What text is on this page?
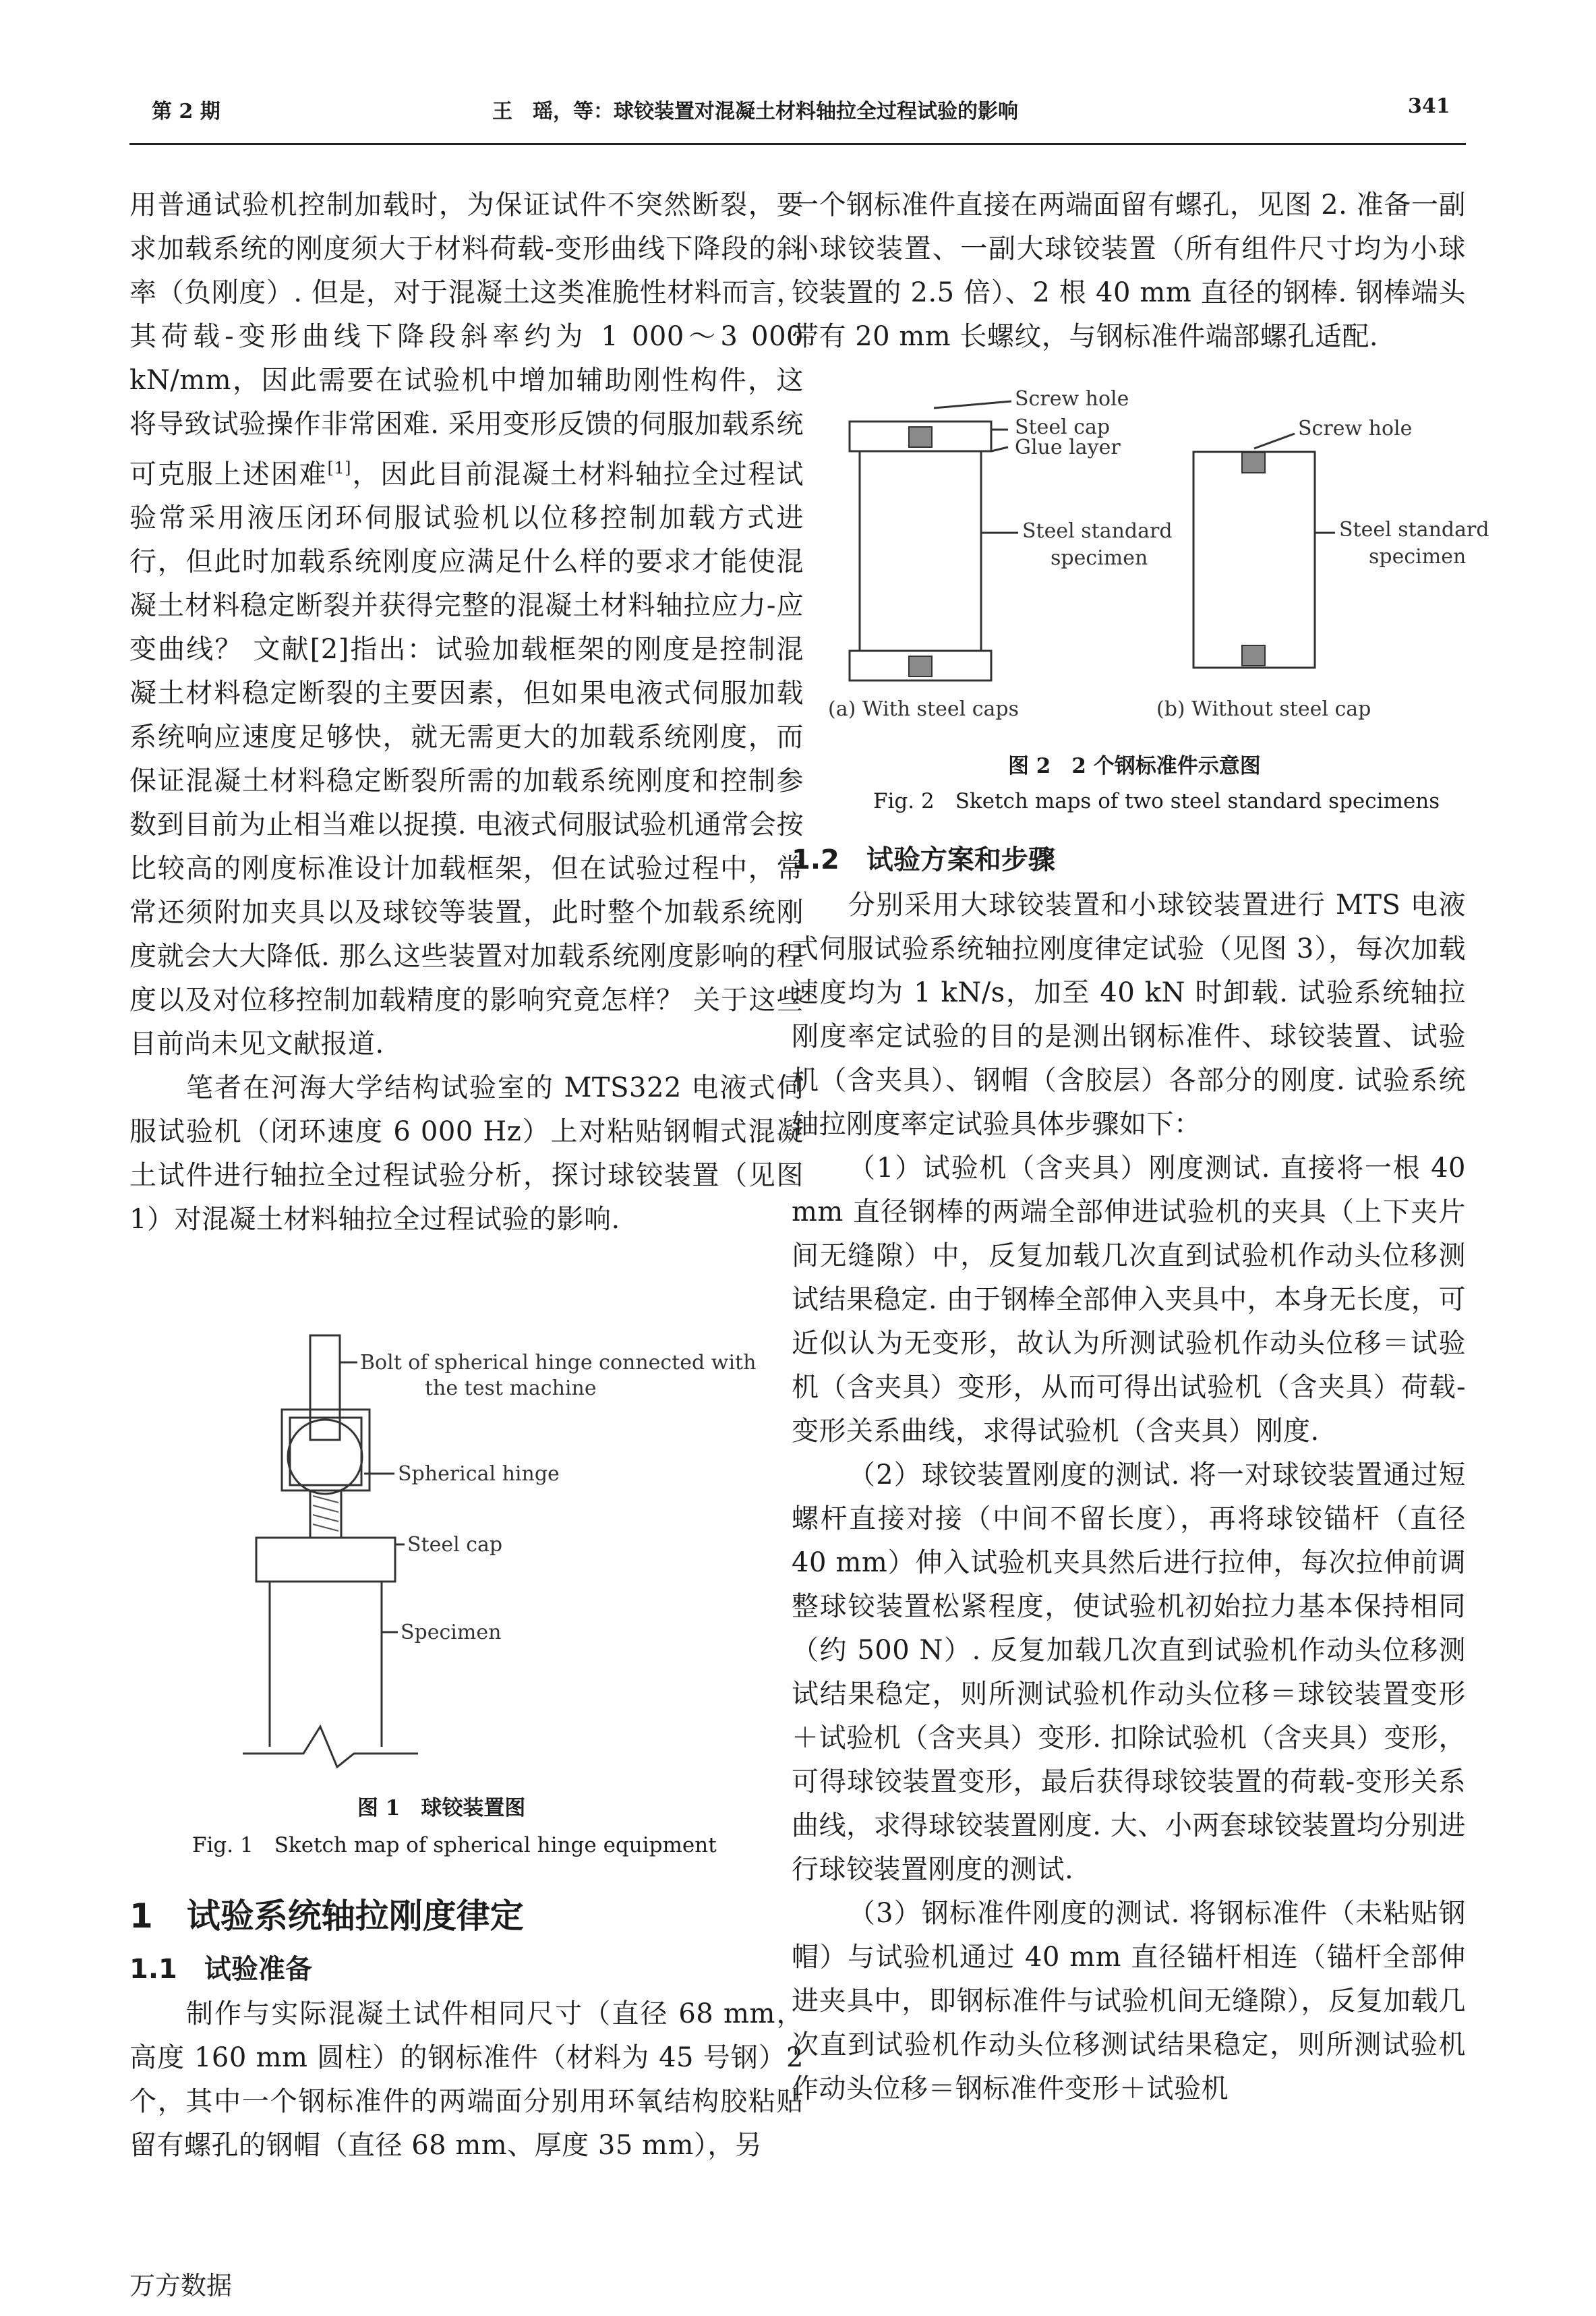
第 2 期	王　瑶，等：球铰装置对混凝土材料轴拉全过程试验的影响	341

用普通试验机控制加载时，为保证试件不突然断裂，要求加载系统的刚度须大于材料荷载-变形曲线下降段的斜率（负刚度）. 但是，对于混凝土这类准脆性材料而言，其荷载-变形曲线下降段斜率约为 1 000～3 000 kN/mm，因此需要在试验机中增加辅助刚性构件，这将导致试验操作非常困难. 采用变形反馈的伺服加载系统可克服上述困难[1]，因此目前混凝土材料轴拉全过程试验常采用液压闭环伺服试验机以位移控制加载方式进行，但此时加载系统刚度应满足什么样的要求才能使混凝土材料稳定断裂并获得完整的混凝土材料轴拉应力-应变曲线？ 文献[2]指出：试验加载框架的刚度是控制混凝土材料稳定断裂的主要因素，但如果电液式伺服加载系统响应速度足够快，就无需更大的加载系统刚度，而保证混凝土材料稳定断裂所需的加载系统刚度和控制参数到目前为止相当难以捉摸. 电液式伺服试验机通常会按比较高的刚度标准设计加载框架，但在试验过程中，常常还须附加夹具以及球铰等装置，此时整个加载系统刚度就会大大降低. 那么这些装置对加载系统刚度影响的程度以及对位移控制加载精度的影响究竟怎样？ 关于这些目前尚未见文献报道.

笔者在河海大学结构试验室的 MTS322 电液式伺服试验机（闭环速度 6 000 Hz）上对粘贴钢帽式混凝土试件进行轴拉全过程试验分析，探讨球铰装置（见图 1）对混凝土材料轴拉全过程试验的影响.

Bolt of spherical hinge connected with
the test machine
Spherical hinge
Steel cap
Specimen
图 1　球铰装置图
Fig. 1　Sketch map of spherical hinge equipment

1　试验系统轴拉刚度律定

1.1　试验准备

制作与实际混凝土试件相同尺寸（直径 68 mm，高度 160 mm 圆柱）的钢标准件（材料为 45 号钢）2 个，其中一个钢标准件的两端面分别用环氧结构胶粘贴留有螺孔的钢帽（直径 68 mm、厚度 35 mm），另

一个钢标准件直接在两端面留有螺孔，见图 2. 准备一副小球铰装置、一副大球铰装置（所有组件尺寸均为小球铰装置的 2.5 倍）、2 根 40 mm 直径的钢棒. 钢棒端头带有 20 mm 长螺纹，与钢标准件端部螺孔适配.

Screw hole
Steel cap
Glue layer
Steel standard
specimen
Screw hole
Steel standard
specimen
(a) With steel caps	(b) Without steel cap
图 2　2 个钢标准件示意图
Fig. 2　Sketch maps of two steel standard specimens

1.2　试验方案和步骤

分别采用大球铰装置和小球铰装置进行 MTS 电液式伺服试验系统轴拉刚度律定试验（见图 3），每次加载速度均为 1 kN/s，加至 40 kN 时卸载. 试验系统轴拉刚度率定试验的目的是测出钢标准件、球铰装置、试验机（含夹具）、钢帽（含胶层）各部分的刚度. 试验系统轴拉刚度率定试验具体步骤如下：

（1）试验机（含夹具）刚度测试. 直接将一根 40 mm 直径钢棒的两端全部伸进试验机的夹具（上下夹片间无缝隙）中，反复加载几次直到试验机作动头位移测试结果稳定. 由于钢棒全部伸入夹具中，本身无长度，可近似认为无变形，故认为所测试验机作动头位移＝试验机（含夹具）变形，从而可得出试验机（含夹具）荷载-变形关系曲线，求得试验机（含夹具）刚度.

（2）球铰装置刚度的测试. 将一对球铰装置通过短螺杆直接对接（中间不留长度），再将球铰锚杆（直径 40 mm）伸入试验机夹具然后进行拉伸，每次拉伸前调整球铰装置松紧程度，使试验机初始拉力基本保持相同（约 500 N）. 反复加载几次直到试验机作动头位移测试结果稳定，则所测试验机作动头位移＝球铰装置变形＋试验机（含夹具）变形. 扣除试验机（含夹具）变形，可得球铰装置变形，最后获得球铰装置的荷载-变形关系曲线，求得球铰装置刚度. 大、小两套球铰装置均分别进行球铰装置刚度的测试.

（3）钢标准件刚度的测试. 将钢标准件（未粘贴钢帽）与试验机通过 40 mm 直径锚杆相连（锚杆全部伸进夹具中，即钢标准件与试验机间无缝隙），反复加载几次直到试验机作动头位移测试结果稳定，则所测试验机作动头位移＝钢标准件变形＋试验机

万方数据
